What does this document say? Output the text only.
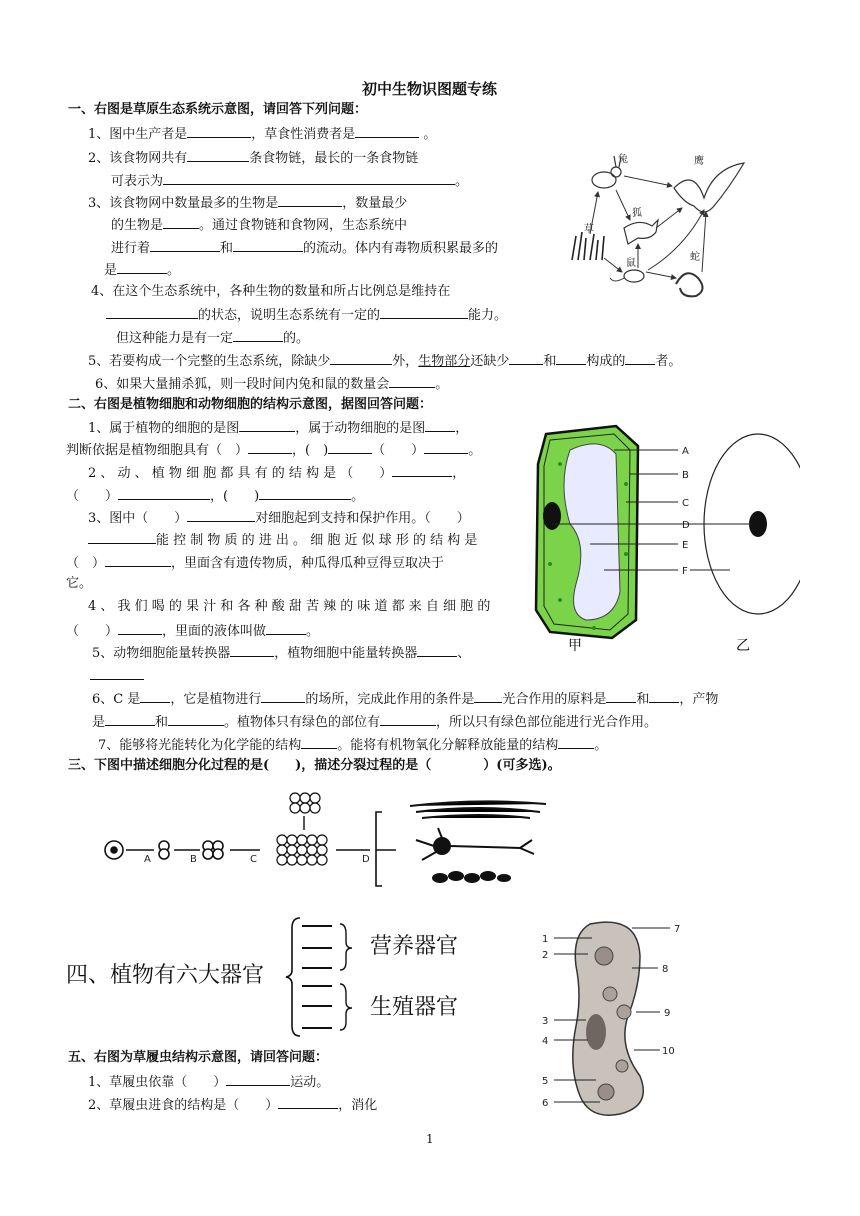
初中生物识图题专练
一、右图是草原生态系统示意图，请回答下列问题：
1、图中生产者是	，草食性消费者是	。
2、该食物网共有	条食物链，最长的一条食物链
可表示为	。
3、该食物网中数量最多的生物是	，数量最少
的生物是	。通过食物链和食物网，生态系统中
进行着	和	的流动。体内有毒物质积累最多的
是	。
4、在这个生态系统中，各种生物的数量和所占比例总是维持在
的状态，说明生态系统有一定的	能力。
但这种能力是有一定	的。
5、若要构成一个完整的生态系统，除缺少	外，生物部分还缺少	和 构成的 者。
6、如果大量捕杀狐，则一段时间内兔和鼠的数量会	。
兔	鹰
草
狐
鼠
蛇
二、右图是植物细胞和动物细胞的结构示意图，据图回答问题：
1、属于植物的细胞的是图	，属于动物细胞的是图 ，
判断依据是植物细胞具有（　）	，(　)	（　　）	。
2 、 动 、 植 物 细 胞 都 具 有 的 结 构 是 （　　）	，
（　　）	，(　　)	。
3、图中（　　）	对细胞起到支持和保护作用。（　　）
能 控 制 物 质 的 进 出 。 细 胞 近 似 球 形 的 结 构 是
（　）	，里面含有遗传物质，种瓜得瓜种豆得豆取决于
它。
4 、 我 们 喝 的 果 汁 和 各 种 酸 甜 苦 辣 的 味 道 都 来 自 细 胞 的
（　　）	，里面的液体叫做	。
5、动物细胞能量转换器	，植物细胞中能量转换器	、
6、C 是 ，它是植物进行	的场所，完成此作用的条件是 光合作用的原料是 和 ，产物
是	和	。植物体只有绿色的部位有	，所以只有绿色部位能进行光合作用。
7、能够将光能转化为化学能的结构	。能将有机物氧化分解释放能量的结构	。
A
B
C
D
E
F
甲	乙
三、下图中描述细胞分化过程的是(　　)，描述分裂过程的是（　　　　）(可多选)。
A	B	C	D
四、植物有六大器官
营养器官
生殖器官
1
2
3
4
5
6
7
8
9
10
五、右图为草履虫结构示意图，请回答问题：
1、草履虫依靠（　　）	运动。
2、草履虫进食的结构是（　　）	，消化
1
